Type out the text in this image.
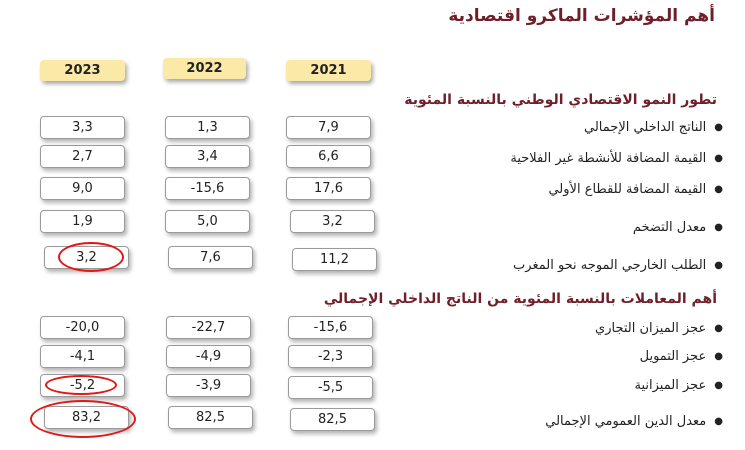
أهم المؤشرات الماكرو اقتصادية
2021
2022
2023
تطور النمو الاقتصادي الوطني بالنسبة المئوية
●الناتج الداخلي الإجمالي
7,9
1,3
3,3
●القيمة المضافة للأنشطة غير الفلاحية
6,6
3,4
2,7
●القيمة المضافة للقطاع الأولي
17,6
-15,6
9,0
●معدل التضخم
3,2
5,0
1,9
●الطلب الخارجي الموجه نحو المغرب
11,2
7,6
3,2
أهم المعاملات بالنسبة المئوية من الناتج الداخلي الإجمالي
●عجز الميزان التجاري
-15,6
-22,7
-20,0
●عجز التمويل
-2,3
-4,9
-4,1
●عجز الميزانية
-5,5
-3,9
-5,2
●معدل الدين العمومي الإجمالي
82,5
82,5
83,2
